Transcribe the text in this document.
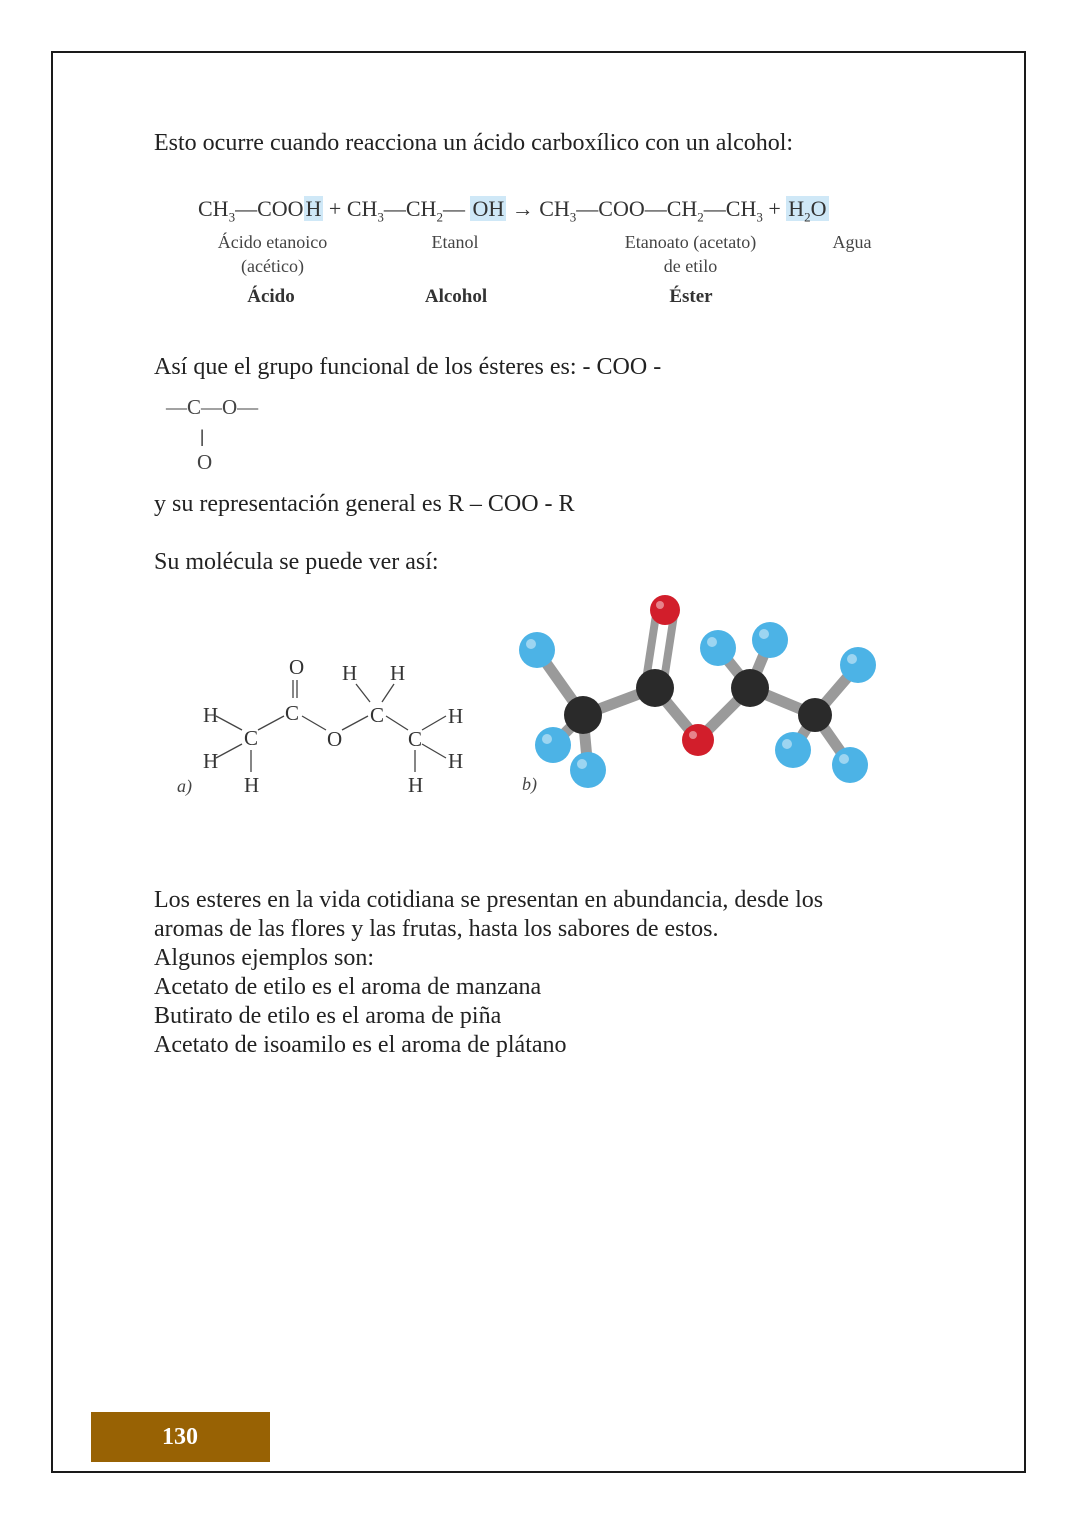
Esto ocurre cuando reacciona un ácido carboxílico con un alcohol:

$CH_3—COOH$ + $CH_3—CH_2—$ OH → $CH_3—COO—CH_2—CH_3 + H_2O$
Ácido etanoico
(acético)
Etanol	Etanoato (acetato)
de etilo
Agua
Ácido	Alcohol	Éster

Así que el grupo funcional de los ésteres es: - COO -

—C—O—
||
O

y su representación general es R – COO - R

Su molécula se puede ver así:

O H H
H	C	C	H
C	O	C
H	H
H	H
a)	b)
Los esteres en la vida cotidiana se presentan en abundancia, desde los
aromas de las flores y las frutas, hasta los sabores de estos.
Algunos ejemplos son:
Acetato de etilo es el aroma de manzana
Butirato de etilo es el aroma de piña
Acetato de isoamilo es el aroma de plátano
130
